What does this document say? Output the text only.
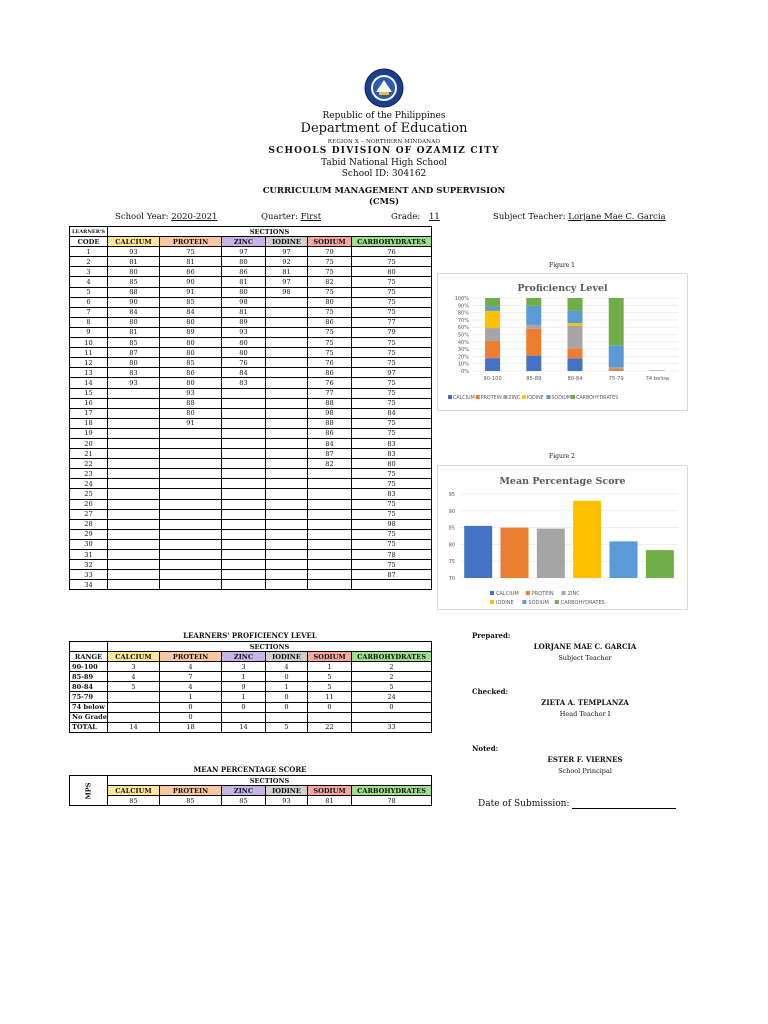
Republic of the Philippines
Department of Education
REGION X – NORTHERN MINDANAO
SCHOOLS DIVISION OF OZAMIZ CITY
Tabid National High School
School ID: 304162
CURRICULUM MANAGEMENT AND SUPERVISION
(CMS)
School Year: 2020-2021	Quarter: First	Grade: 11	Subject Teacher: Lorjane Mae C. Garcia
LEARNER'S	SECTIONS					
CODE	CALCIUM	PROTEIN	ZINC	IODINE	SODIUM	CARBOHYDRATES
1	93	75	97	97	79	76
2	81	81	80	92	75	75
3	80	86	86	81	75	80
4	85	90	81	97	82	75
5	88	91	80	98	75	75
6	90	85	98		80	75
7	84	84	81		75	75
8	80	80	89		86	77
9	81	89	93		75	79
10	85	80	80		75	75
11	87	80	80		75	75
12	80	85	76		76	75
13	83	86	84		86	97
14	93	80	83		76	75
15		93			77	75
16		88			88	75
17		80			98	84
18		91			88	75
19					86	75
20					84	83
21					87	83
22					82	80
23						75
24						75
25						83
26						75
27						75
28						98
29						75
30						75
31						78
32						75
33						87
34						
Figure 1
Proficiency Level
0%
10%
20%
30%
40%
50%
60%
70%
80%
90%
100%
90-100	85-89	80-84	75-79	74 below
CALCIUM PROTEIN ZINC IODINE SODIUM CARBOHYDRATES
Figure 2
Mean Percentage Score
70
75
80
85
90
95
CALCIUM	PROTEIN	ZINC
IODINE	SODIUM CARBOHYDRATES
LEARNERS' PROFICIENCY LEVEL
	SECTIONS					
RANGE	CALCIUM	PROTEIN	ZINC	IODINE	SODIUM	CARBOHYDRATES
90-100	3	4	3	4	1	2
85-89	4	7	1	0	5	2
80-84	5	4	9	1	5	5
75-79		1	1	0	11	24
74 below		0	0	0	0	0
No Grade		0				
TOTAL	14	18	14	5	22	33
MEAN PERCENTAGE SCORE
MPS	SECTIONS					
	CALCIUM	PROTEIN	ZINC	IODINE	SODIUM	CARBOHYDRATES
	85	85	85	93	81	78
Prepared:
LORJANE MAE C. GARCIA
Subject Teacher
Checked:
ZIETA A. TEMPLANZA
Head Teacher I
Noted:
ESTER F. VIERNES
School Principal
Date of Submission:
